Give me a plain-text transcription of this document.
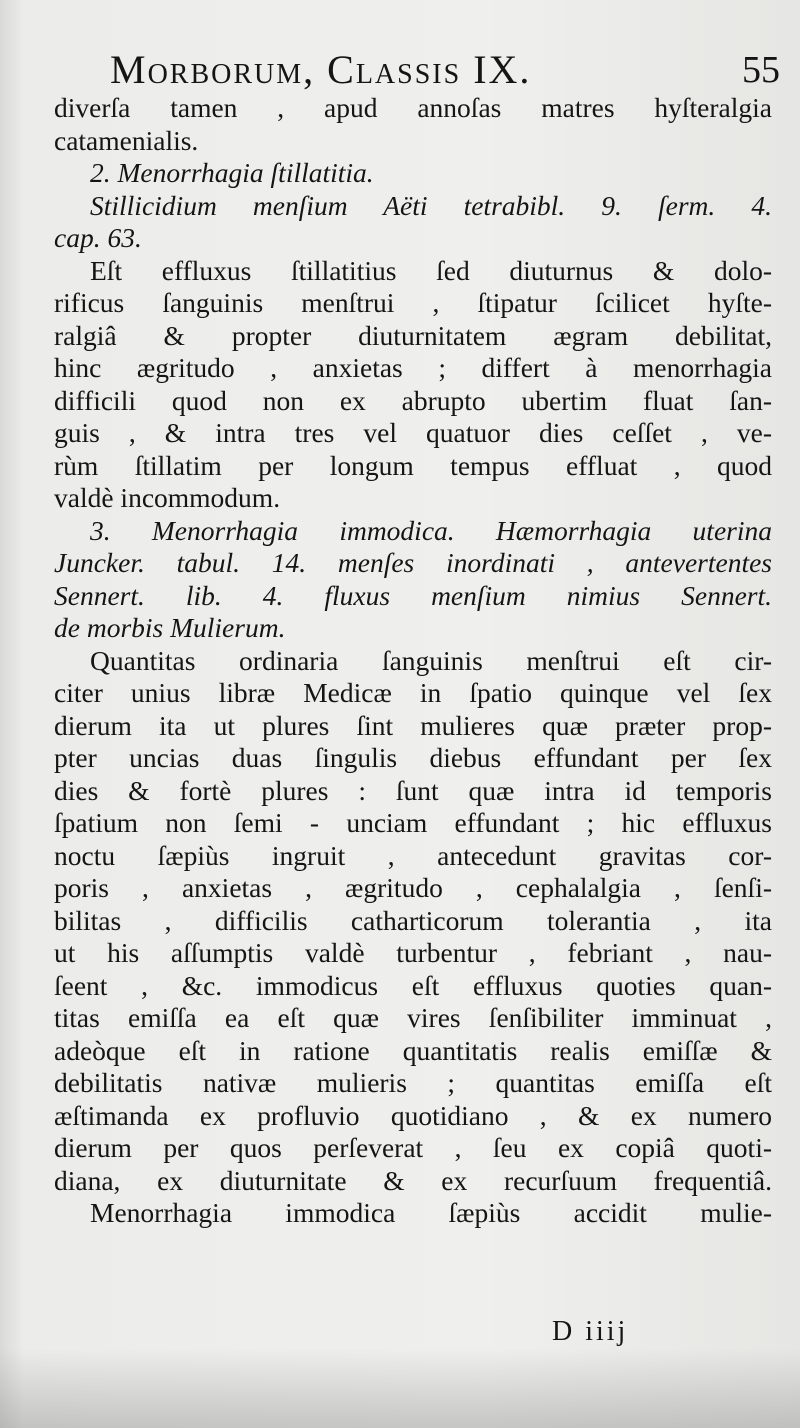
Morborum, Classis IX.	55
diverſa tamen , apud annoſas matres hyſteralgia
catamenialis.
2. Menorrhagia ſtillatitia.
Stillicidium menſium Aëti tetrabibl. 9. ſerm. 4.
cap. 63.
Eſt effluxus ſtillatitius ſed diuturnus & dolo-
rificus ſanguinis menſtrui , ſtipatur ſcilicet hyſte-
ralgiâ & propter diuturnitatem ægram debilitat,
hinc ægritudo , anxietas ; differt à menorrhagia
difficili quod non ex abrupto ubertim fluat ſan-
guis , & intra tres vel quatuor dies ceſſet , ve-
rùm ſtillatim per longum tempus effluat , quod
valdè incommodum.
3. Menorrhagia immodica. Hæmorrhagia uterina
Juncker. tabul. 14. menſes inordinati , antevertentes
Sennert. lib. 4. fluxus menſium nimius Sennert.
de morbis Mulierum.
Quantitas ordinaria ſanguinis menſtrui eſt cir-
citer unius libræ Medicæ in ſpatio quinque vel ſex
dierum ita ut plures ſint mulieres quæ præter prop-
pter uncias duas ſingulis diebus effundant per ſex
dies & fortè plures : ſunt quæ intra id temporis
ſpatium non ſemi - unciam effundant ; hic effluxus
noctu ſæpiùs ingruit , antecedunt gravitas cor-
poris , anxietas , ægritudo , cephalalgia , ſenſi-
bilitas , difficilis catharticorum tolerantia , ita
ut his aſſumptis valdè turbentur , febriant , nau-
ſeent , &c. immodicus eſt effluxus quoties quan-
titas emiſſa ea eſt quæ vires ſenſibiliter imminuat ,
adeòque eſt in ratione quantitatis realis emiſſæ &
debilitatis nativæ mulieris ; quantitas emiſſa eſt
æſtimanda ex profluvio quotidiano , & ex numero
dierum per quos perſeverat , ſeu ex copiâ quoti-
diana, ex diuturnitate & ex recurſuum frequentiâ.
Menorrhagia immodica ſæpiùs accidit mulie-
D iiij
